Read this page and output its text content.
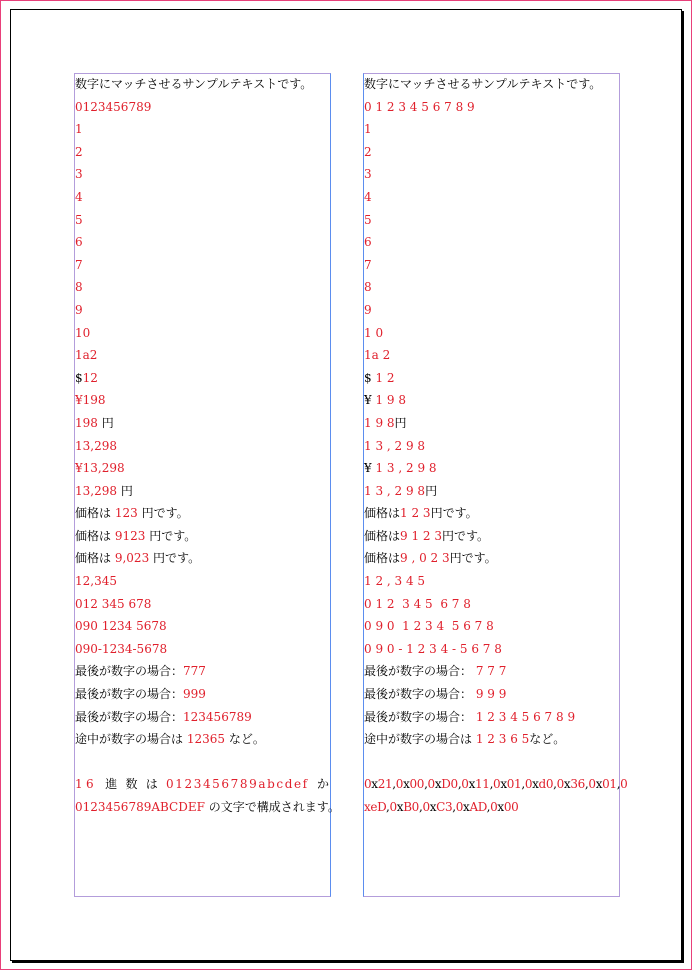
数字にマッチさせるサンプルテキストです。
0123456789
1
2
3
4
5
6
7
8
9
10
1a2
$12
¥198
198 円
13,298
¥13,298
13,298 円
価格は 123 円です。
価格は 9123 円です。
価格は 9,023 円です。
12,345
012 345 678
090 1234 5678
090-1234-5678
最後が数字の場合：777
最後が数字の場合：999
最後が数字の場合：123456789
途中が数字の場合は 12365 など。
16 進 数 は 0123456789abcdef か
0123456789ABCDEF の文字で構成されます。
数字にマッチさせるサンプルテキストです。
0 1 2 3 4 5 6 7 8 9
1
2
3
4
5
6
7
8
9
1 0
1a 2
$ 1 2
¥ 1 9 8
1 9 8円
1 3 , 2 9 8
¥ 1 3 , 2 9 8
1 3 , 2 9 8円
価格は1 2 3円です。
価格は9 1 2 3円です。
価格は9 , 0 2 3円です。
1 2 , 3 4 5
0 1 2  3 4 5  6 7 8
0 9 0  1 2 3 4  5 6 7 8
0 9 0 - 1 2 3 4 - 5 6 7 8
最後が数字の場合： 7 7 7
最後が数字の場合： 9 9 9
最後が数字の場合： 1 2 3 4 5 6 7 8 9
途中が数字の場合は 1 2 3 6 5など。
0x21,0x00,0xD0,0x11,0x01,0xd0,0x36,0x01,0
xeD,0xB0,0xC3,0xAD,0x00
